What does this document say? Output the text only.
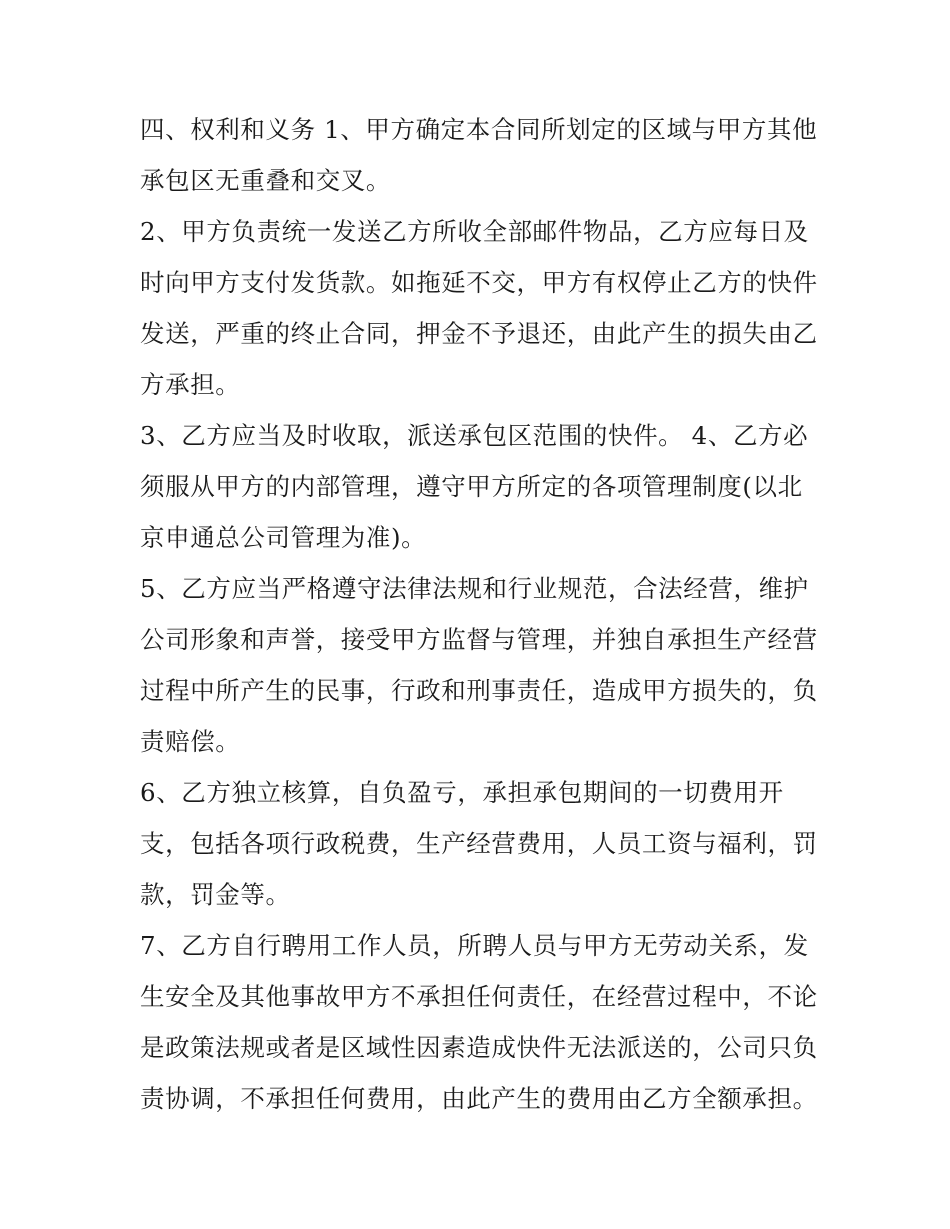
四、权利和义务 1、甲方确定本合同所划定的区域与甲方其他
承包区无重叠和交叉。
2、甲方负责统一发送乙方所收全部邮件物品，乙方应每日及
时向甲方支付发货款。如拖延不交，甲方有权停止乙方的快件
发送，严重的终止合同，押金不予退还，由此产生的损失由乙
方承担。
3、乙方应当及时收取，派送承包区范围的快件。 4、乙方必
须服从甲方的内部管理，遵守甲方所定的各项管理制度(以北
京申通总公司管理为准)。
5、乙方应当严格遵守法律法规和行业规范，合法经营，维护
公司形象和声誉，接受甲方监督与管理，并独自承担生产经营
过程中所产生的民事，行政和刑事责任，造成甲方损失的，负
责赔偿。
6、乙方独立核算，自负盈亏，承担承包期间的一切费用开
支，包括各项行政税费，生产经营费用，人员工资与福利，罚
款，罚金等。
7、乙方自行聘用工作人员，所聘人员与甲方无劳动关系，发
生安全及其他事故甲方不承担任何责任，在经营过程中，不论
是政策法规或者是区域性因素造成快件无法派送的，公司只负
责协调，不承担任何费用，由此产生的费用由乙方全额承担。
